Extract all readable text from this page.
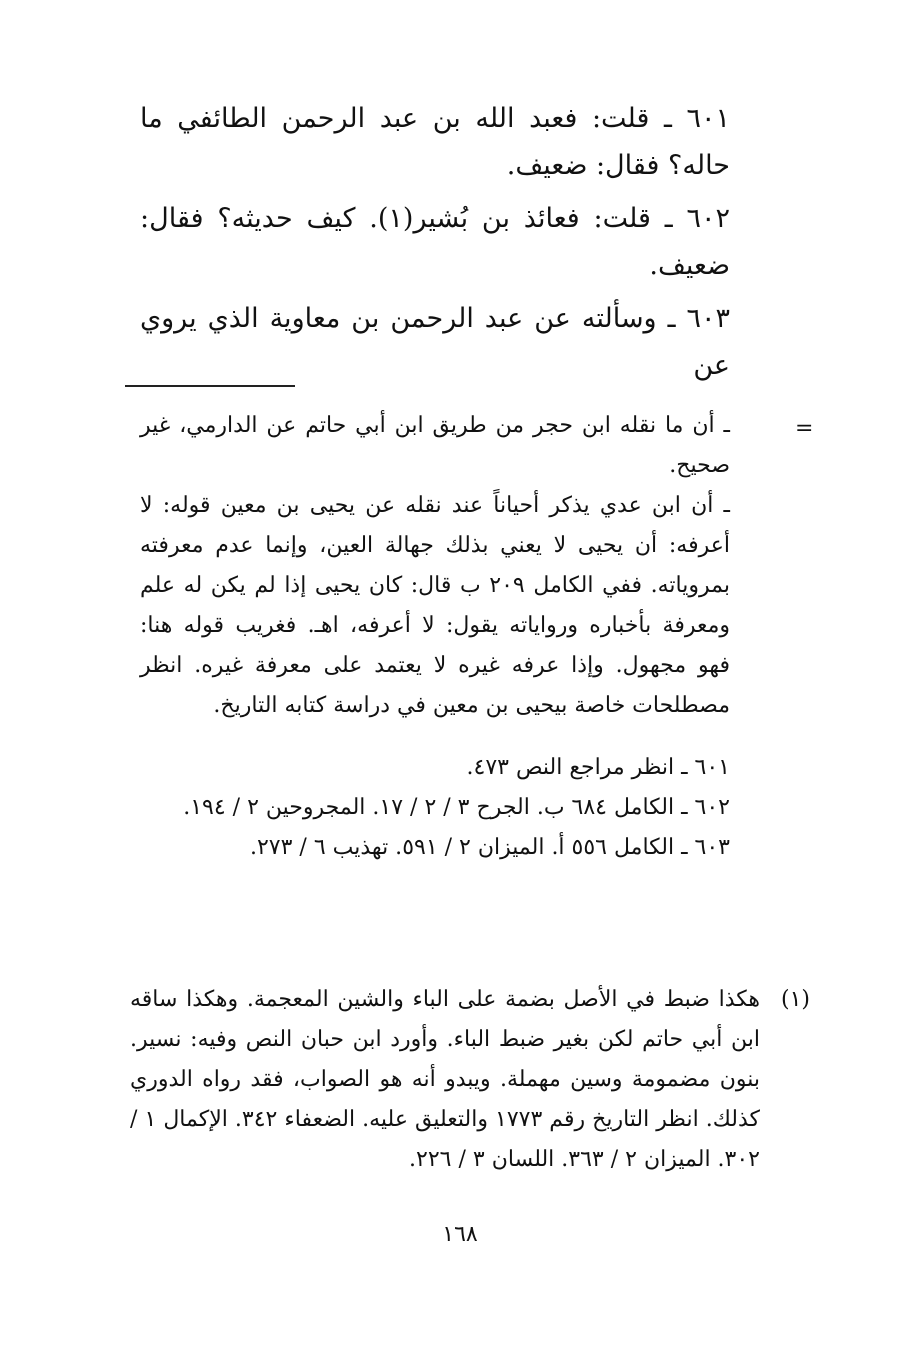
٦٠١ ـ قلت: فعبد الله بن عبد الرحمن الطائفي ما حاله؟ فقال: ضعيف.

٦٠٢ ـ قلت: فعائذ بن بُشير(١). كيف حديثه؟ فقال: ضعيف.

٦٠٣ ـ وسألته عن عبد الرحمن بن معاوية الذي يروي عن

=

ـ أن ما نقله ابن حجر من طريق ابن أبي حاتم عن الدارمي، غير صحيح.

ـ أن ابن عدي يذكر أحياناً عند نقله عن يحيى بن معين قوله: لا أعرفه: أن يحيى لا يعني بذلك جهالة العين، وإنما عدم معرفته بمروياته. ففي الكامل ٢٠٩ ب قال: كان يحيى إذا لم يكن له علم ومعرفة بأخباره ورواياته يقول: لا أعرفه، اهـ. فغريب قوله هنا: فهو مجهول. وإذا عرفه غيره لا يعتمد على معرفة غيره. انظر مصطلحات خاصة بيحيى بن معين في دراسة كتابه التاريخ.

٦٠١ ـ انظر مراجع النص ٤٧٣.

٦٠٢ ـ الكامل ٦٨٤ ب. الجرح ٣ / ٢ / ١٧. المجروحين ٢ / ١٩٤.

٦٠٣ ـ الكامل ٥٥٦ أ. الميزان ٢ / ٥٩١. تهذيب ٦ / ٢٧٣.

(١)

هكذا ضبط في الأصل بضمة على الباء والشين المعجمة. وهكذا ساقه ابن أبي حاتم لكن بغير ضبط الباء. وأورد ابن حبان النص وفيه: نسير. بنون مضمومة وسين مهملة. ويبدو أنه هو الصواب، فقد رواه الدوري كذلك. انظر التاريخ رقم ١٧٧٣ والتعليق عليه. الضعفاء ٣٤٢. الإكمال ١ / ٣٠٢. الميزان ٢ / ٣٦٣. اللسان ٣ / ٢٢٦.

١٦٨
